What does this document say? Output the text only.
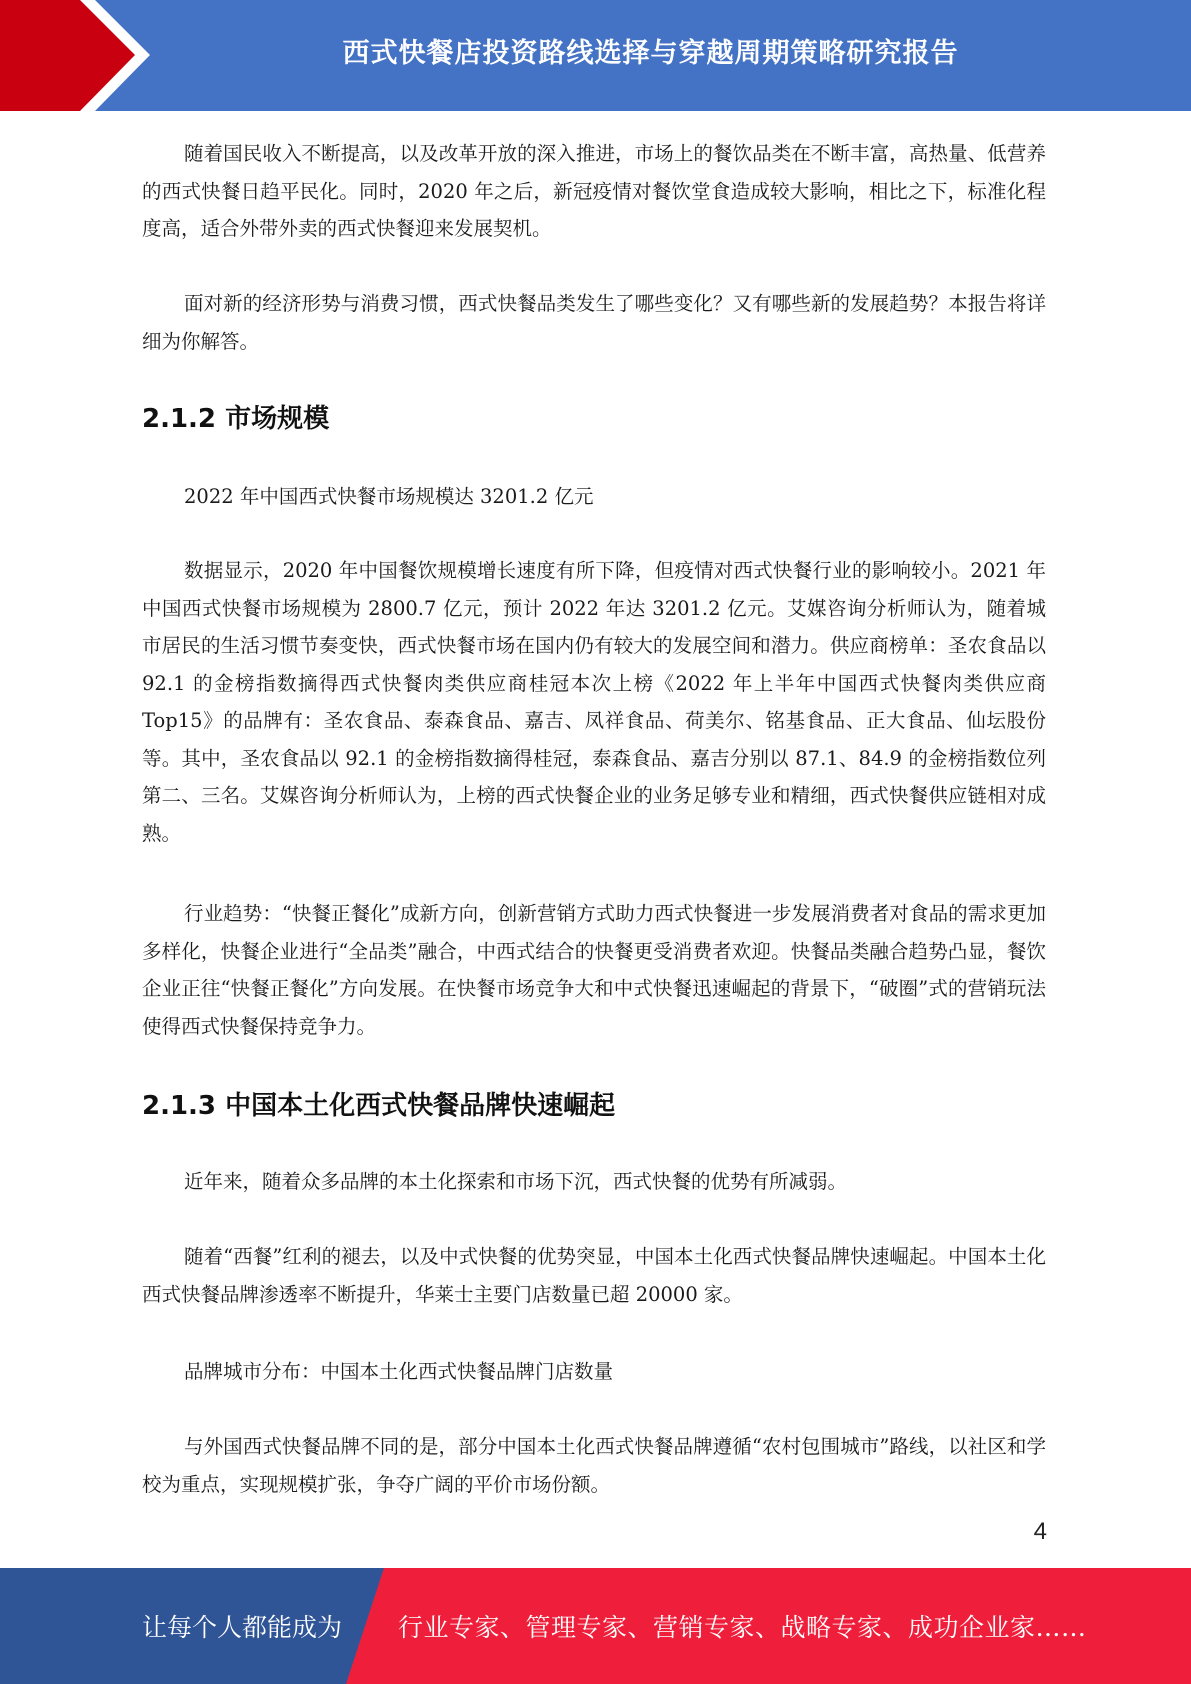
西式快餐店投资路线选择与穿越周期策略研究报告

随着国民收入不断提高，以及改革开放的深入推进，市场上的餐饮品类在不断丰富，高热量、低营养的西式快餐日趋平民化。同时，2020 年之后，新冠疫情对餐饮堂食造成较大影响，相比之下，标准化程度高，适合外带外卖的西式快餐迎来发展契机。

面对新的经济形势与消费习惯，西式快餐品类发生了哪些变化？又有哪些新的发展趋势？本报告将详细为你解答。

2.1.2 市场规模

2022 年中国西式快餐市场规模达 3201.2 亿元

数据显示，2020 年中国餐饮规模增长速度有所下降，但疫情对西式快餐行业的影响较小。2021 年中国西式快餐市场规模为 2800.7 亿元，预计 2022 年达 3201.2 亿元。艾媒咨询分析师认为，随着城市居民的生活习惯节奏变快，西式快餐市场在国内仍有较大的发展空间和潜力。供应商榜单：圣农食品以 92.1 的金榜指数摘得西式快餐肉类供应商桂冠本次上榜《2022 年上半年中国西式快餐肉类供应商 Top15》的品牌有：圣农食品、泰森食品、嘉吉、凤祥食品、荷美尔、铭基食品、正大食品、仙坛股份等。其中，圣农食品以 92.1 的金榜指数摘得桂冠，泰森食品、嘉吉分别以 87.1、84.9 的金榜指数位列第二、三名。艾媒咨询分析师认为，上榜的西式快餐企业的业务足够专业和精细，西式快餐供应链相对成熟。

行业趋势：“快餐正餐化”成新方向，创新营销方式助力西式快餐进一步发展消费者对食品的需求更加多样化，快餐企业进行“全品类”融合，中西式结合的快餐更受消费者欢迎。快餐品类融合趋势凸显，餐饮企业正往“快餐正餐化”方向发展。在快餐市场竞争大和中式快餐迅速崛起的背景下，“破圈”式的营销玩法使得西式快餐保持竞争力。

2.1.3 中国本土化西式快餐品牌快速崛起

近年来，随着众多品牌的本土化探索和市场下沉，西式快餐的优势有所减弱。

随着“西餐”红利的褪去，以及中式快餐的优势突显，中国本土化西式快餐品牌快速崛起。中国本土化西式快餐品牌渗透率不断提升，华莱士主要门店数量已超 20000 家。

品牌城市分布：中国本土化西式快餐品牌门店数量

与外国西式快餐品牌不同的是，部分中国本土化西式快餐品牌遵循“农村包围城市”路线，以社区和学校为重点，实现规模扩张，争夺广阔的平价市场份额。

4
让每个人都能成为 行业专家、管理专家、营销专家、战略专家、成功企业家……
